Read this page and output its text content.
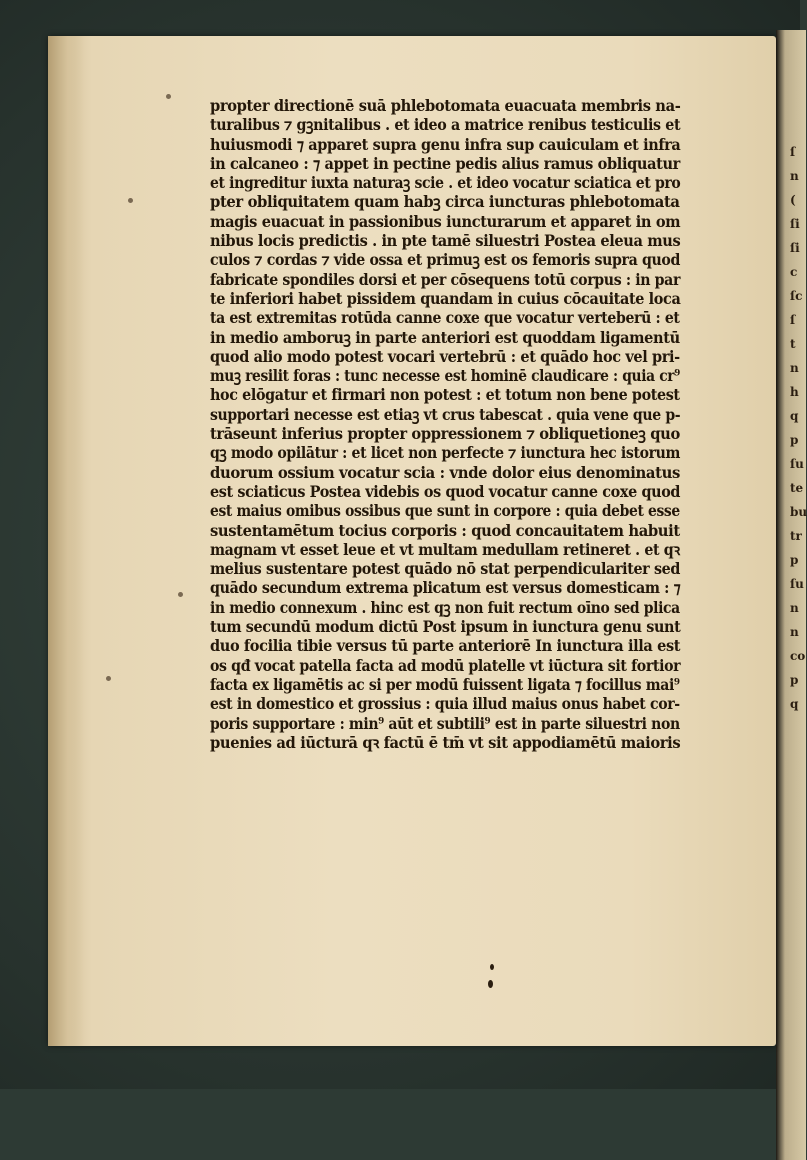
ſ
n
(
ſi
ſi
c
ſc
ſ
t
n
h
q
p
ſu
te
bu
tr
p
ſu
n
n
co
p
q
propter directionē suā phlebotomata euacuata membris na-
turalibus ⁊ gꝫnitalibus . et ideo a matrice renibus testiculis et
huiusmodi ⁊ apparet supra genu infra sup cauiculam et infra
in calcaneo : ⁊ appet in pectine pedis alius ramus obliquatur
et ingreditur iuxta naturaꝫ scie . et ideo vocatur sciatica et pro
pter obliquitatem quam habꝫ circa iuncturas phlebotomata
magis euacuat in passionibus iuncturarum et apparet in om
nibus locis predictis . in pte tamē siluestri Postea eleua mus
culos ⁊ cordas ⁊ vide ossa et primuꝫ est os femoris supra quod
fabricate spondiles dorsi et per cōsequens totū corpus : in par
te inferiori habet pissidem quandam in cuius cōcauitate loca
ta est extremitas rotūda canne coxe que vocatur verteberū : et
in medio amboruꝫ in parte anteriori est quoddam ligamentū
quod alio modo potest vocari vertebrū : et quādo hoc vel pri-
muꝫ resilit foras : tunc necesse est hominē claudicare : quia cr⁹
hoc elōgatur et firmari non potest : et totum non bene potest
supportari necesse est etiaꝫ vt crus tabescat . quia vene que p-
trāseunt inferius propter oppressionem ⁊ obliquetioneꝫ quo
qꝫ modo opilātur : et licet non perfecte ⁊ iunctura hec istorum
duorum ossium vocatur scia : vnde dolor eius denominatus
est sciaticus Postea videbis os quod vocatur canne coxe quod
est maius omibus ossibus que sunt in corpore : quia debet esse
sustentamētum tocius corporis : quod concauitatem habuit
magnam vt esset leue et vt multam medullam retineret . et qꝛ
melius sustentare potest quādo nō stat perpendiculariter sed
quādo secundum extrema plicatum est versus domesticam : ⁊
in medio connexum . hinc est qꝫ non fuit rectum oīno sed plica
tum secundū modum dictū Post ipsum in iunctura genu sunt
duo focilia tibie versus tū parte anteriorē In iunctura illa est
os qđ vocat patella facta ad modū platelle vt iūctura sit fortior
facta ex ligamētis ac si per modū fuissent ligata ⁊ focillus mai⁹
est in domestico et grossius : quia illud maius onus habet cor-
poris supportare : min⁹ aūt et subtili⁹ est in parte siluestri non
puenies ad iūcturā qꝛ factū ē tm̄ vt sit appodiamētū maioris
